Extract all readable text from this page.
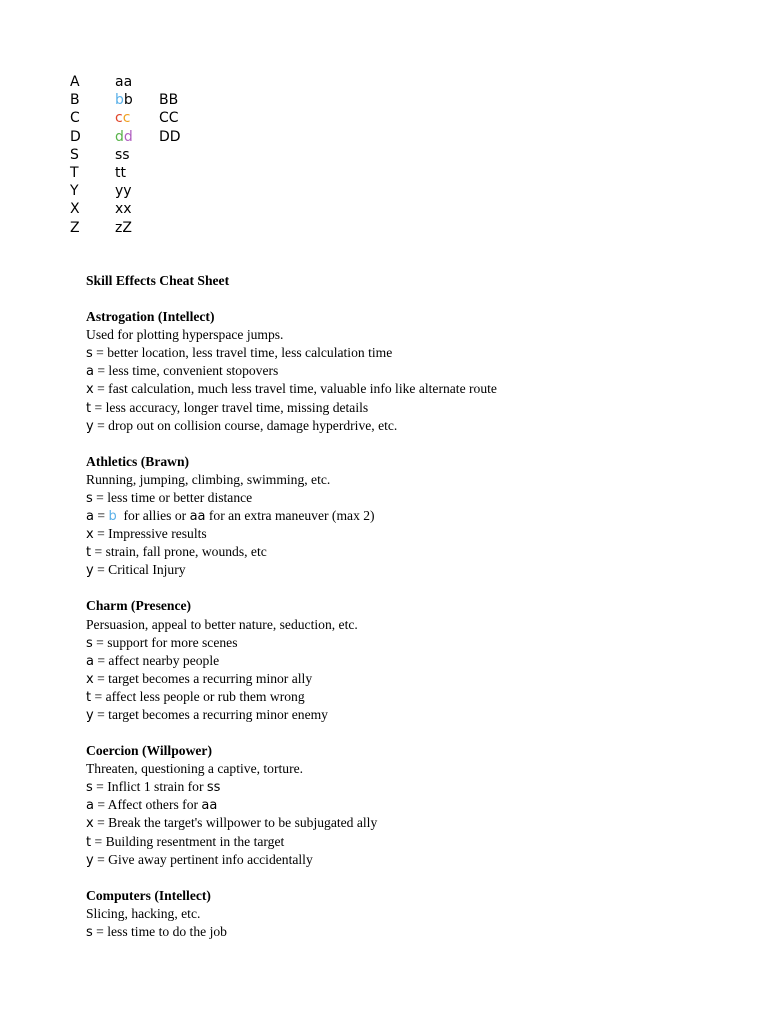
A	aa
B	bb BB
C	cc CC
D dd DD
S	ss
T	tt
Y	yy
X	xx
Z	zZ
Skill Effects Cheat Sheet
Astrogation (Intellect)
Used for plotting hyperspace jumps.
s = better location, less travel time, less calculation time
a = less time, convenient stopovers
x = fast calculation, much less travel time, valuable info like alternate route
t = less accuracy, longer travel time, missing details
y = drop out on collision course, damage hyperdrive, etc.
Athletics (Brawn)
Running, jumping, climbing, swimming, etc.
s = less time or better distance
a = b  for allies or aa for an extra maneuver (max 2)
x = Impressive results
t = strain, fall prone, wounds, etc
y = Critical Injury
Charm (Presence)
Persuasion, appeal to better nature, seduction, etc.
s = support for more scenes
a = affect nearby people
x = target becomes a recurring minor ally
t = affect less people or rub them wrong
y = target becomes a recurring minor enemy
Coercion (Willpower)
Threaten, questioning a captive, torture.
s = Inflict 1 strain for ss
a = Affect others for aa
x = Break the target's willpower to be subjugated ally
t = Building resentment in the target
y = Give away pertinent info accidentally
Computers (Intellect)
Slicing, hacking, etc.
s = less time to do the job
